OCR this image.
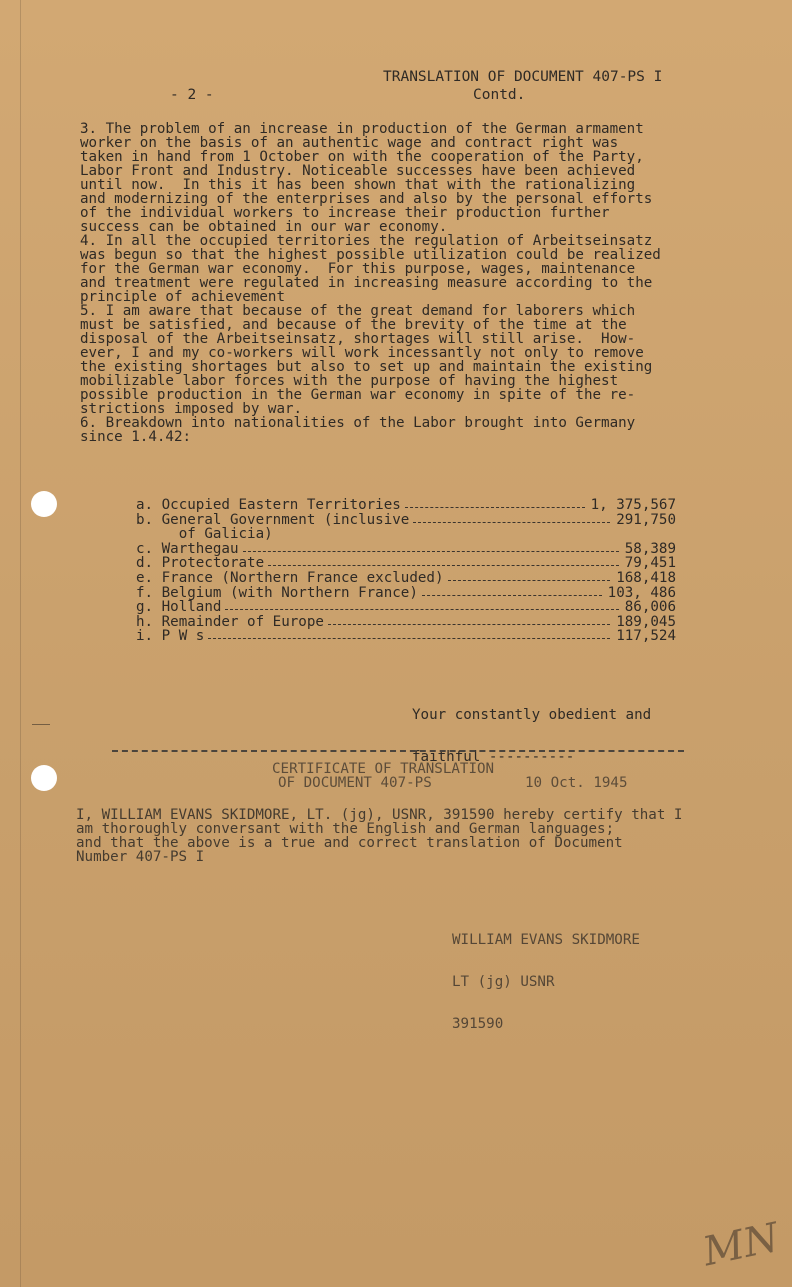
TRANSLATION OF DOCUMENT 407-PS I
- 2 -	Contd.
3. The problem of an increase in production of the German armament
worker on the basis of an authentic wage and contract right was
taken in hand from 1 October on with the cooperation of the Party,
Labor Front and Industry. Noticeable successes have been achieved
until now.  In this it has been shown that with the rationalizing
and modernizing of the enterprises and also by the personal efforts
of the individual workers to increase their production further
success can be obtained in our war economy.
4. In all the occupied territories the regulation of Arbeitseinsatz
was begun so that the highest possible utilization could be realized
for the German war economy.  For this purpose, wages, maintenance
and treatment were regulated in increasing measure according to the
principle of achievement
5. I am aware that because of the great demand for laborers which
must be satisfied, and because of the brevity of the time at the
disposal of the Arbeitseinsatz, shortages will still arise.  How-
ever, I and my co-workers will work incessantly not only to remove
the existing shortages but also to set up and maintain the existing
mobilizable labor forces with the purpose of having the highest
possible production in the German war economy in spite of the re-
strictions imposed by war.
6. Breakdown into nationalities of the Labor brought into Germany
since 1.4.42:
a. Occupied Eastern Territories	1, 375,567
b. General Government (inclusive	291,750
of Galicia)
c. Warthegau	58,389
d. Protectorate	79,451
e. France (Northern France excluded)	168,418
f. Belgium (with Northern France)	103, 486
g. Holland	86,006
h. Remainder of Europe	189,045
i. P W s	117,524

Your constantly obedient and

faithful ----------

CERTIFICATE OF TRANSLATION
OF DOCUMENT 407-PS	10 Oct. 1945
I, WILLIAM EVANS SKIDMORE, LT. (jg), USNR, 391590 hereby certify that I
am thoroughly conversant with the English and German languages;
and that the above is a true and correct translation of Document
Number 407-PS I

WILLIAM EVANS SKIDMORE

LT (jg) USNR

391590

MN
